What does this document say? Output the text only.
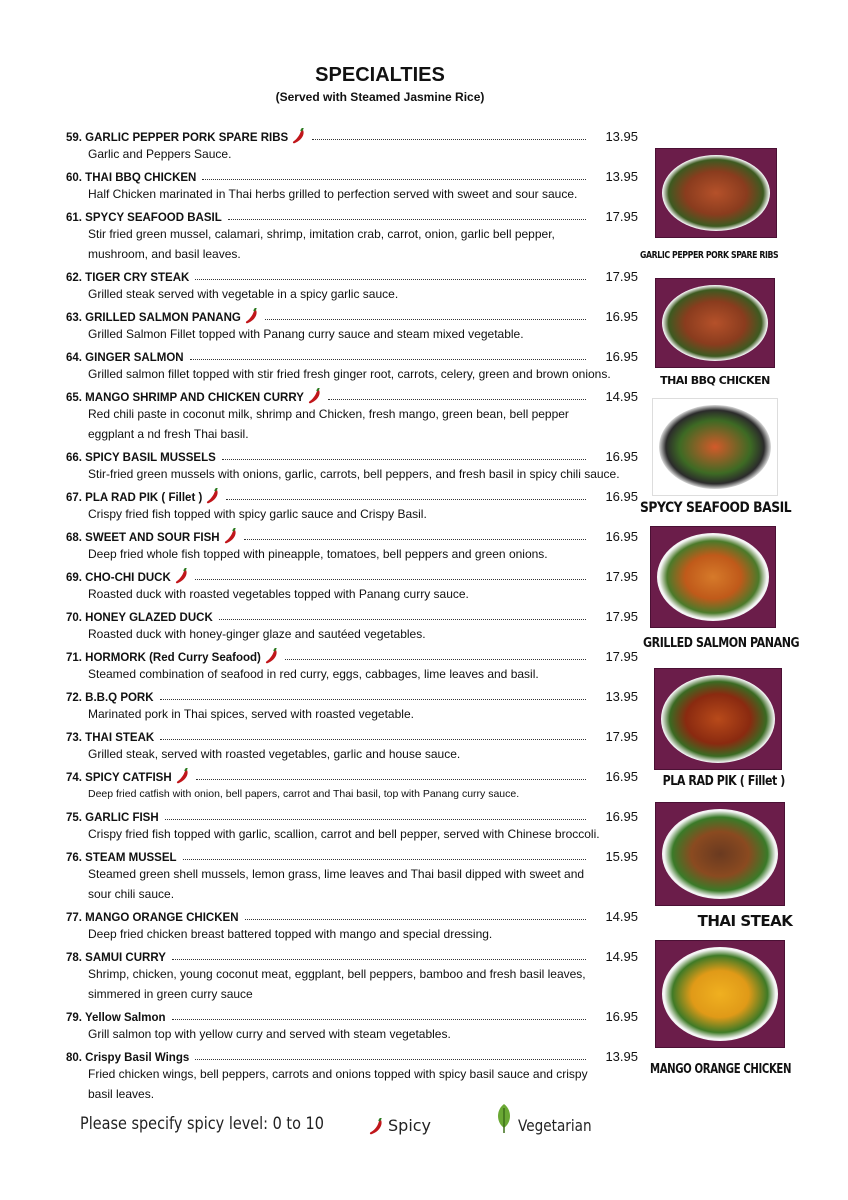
SPECIALTIES
(Served with Steamed Jasmine Rice)
59. GARLIC PEPPER PORK SPARE RIBS	13.95
Garlic and Peppers Sauce.
60. THAI BBQ CHICKEN	13.95
Half Chicken marinated in Thai herbs grilled to perfection served with sweet and sour sauce.
61. SPYCY SEAFOOD BASIL	17.95
Stir fried green mussel, calamari, shrimp, imitation crab, carrot, onion, garlic bell pepper,
mushroom, and basil leaves.
62. TIGER CRY STEAK	17.95
Grilled steak served with vegetable in a spicy garlic sauce.
63. GRILLED SALMON PANANG	16.95
Grilled Salmon Fillet topped with Panang curry sauce and steam mixed vegetable.
64. GINGER SALMON	16.95
Grilled salmon fillet topped with stir fried fresh ginger root, carrots, celery, green and brown onions.
65. MANGO SHRIMP AND CHICKEN CURRY	14.95
Red chili paste in coconut milk, shrimp and Chicken, fresh mango, green bean, bell pepper
eggplant a nd fresh Thai basil.
66. SPICY BASIL MUSSELS	16.95
Stir-fried green mussels with onions, garlic, carrots, bell peppers, and fresh basil in spicy chili sauce.
67. PLA RAD PIK ( Fillet )	16.95
Crispy fried fish topped with spicy garlic sauce and Crispy Basil.
68. SWEET AND SOUR FISH	16.95
Deep fried whole fish topped with pineapple, tomatoes, bell peppers and green onions.
69. CHO-CHI DUCK	17.95
Roasted duck with roasted vegetables topped with Panang curry sauce.
70. HONEY GLAZED DUCK	17.95
Roasted duck with honey-ginger glaze and sautéed vegetables.
71. HORMORK (Red Curry Seafood)	17.95
Steamed combination of seafood in red curry, eggs, cabbages, lime leaves and basil.
72. B.B.Q PORK	13.95
Marinated pork in Thai spices, served with roasted vegetable.
73. THAI STEAK	17.95
Grilled steak, served with roasted vegetables, garlic and house sauce.
74. SPICY CATFISH	16.95
Deep fried catfish with onion, bell papers, carrot and Thai basil, top with Panang curry sauce.
75. GARLIC FISH	16.95
Crispy fried fish topped with garlic, scallion, carrot and bell pepper, served with Chinese broccoli.
76. STEAM MUSSEL	15.95
Steamed green shell mussels, lemon grass, lime leaves and Thai basil dipped with sweet and
sour chili sauce.
77. MANGO ORANGE CHICKEN	14.95
Deep fried chicken breast battered topped with mango and special dressing.
78. SAMUI CURRY	14.95
Shrimp, chicken, young coconut meat, eggplant, bell peppers, bamboo and fresh basil leaves,
simmered in green curry sauce
79. Yellow Salmon	16.95
Grill salmon top with yellow curry and served with steam vegetables.
80. Crispy Basil Wings	13.95
Fried chicken wings, bell peppers, carrots and onions topped with spicy basil sauce and crispy
basil leaves.
GARLIC PEPPER PORK SPARE RIBS
THAI BBQ CHICKEN
SPYCY SEAFOOD BASIL
GRILLED SALMON PANANG
PLA RAD PIK ( Fillet )
THAI STEAK
MANGO ORANGE CHICKEN
Please specify spicy level: 0 to 10	Spicy	Vegetarian
